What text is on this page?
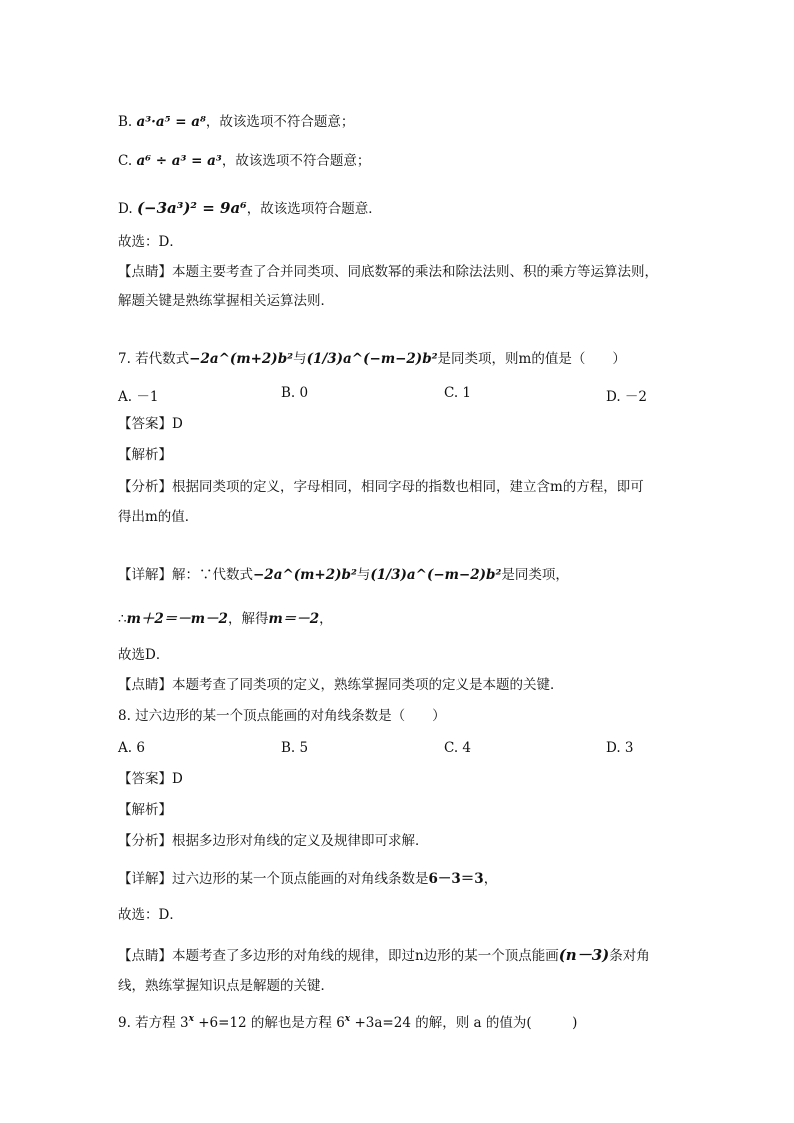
B. a³·a⁵ = a⁸，故该选项不符合题意；
C. a⁶ ÷ a³ = a³，故该选项不符合题意；
D. (−3a³)² = 9a⁶，故该选项符合题意．
故选：D．
【点睛】本题主要考查了合并同类项、同底数幂的乘法和除法法则、积的乘方等运算法则，
解题关键是熟练掌握相关运算法则．
7. 若代数式−2a^(m+2)b²与(1/3)a^(−m−2)b²是同类项，则m的值是（　　）
A. －1	B. 0	C. 1	D. －2
【答案】D
【解析】
【分析】根据同类项的定义，字母相同，相同字母的指数也相同，建立含m的方程，即可
得出m的值．
【详解】解：∵代数式−2a^(m+2)b²与(1/3)a^(−m−2)b²是同类项，
∴m＋2＝－m－2，解得m＝－2，
故选D．
【点睛】本题考查了同类项的定义，熟练掌握同类项的定义是本题的关键．
8. 过六边形的某一个顶点能画的对角线条数是（　　）
A. 6	B. 5	C. 4	D. 3
【答案】D
【解析】
【分析】根据多边形对角线的定义及规律即可求解．
【详解】过六边形的某一个顶点能画的对角线条数是6－3＝3，
故选：D．
【点睛】本题考查了多边形的对角线的规律，即过n边形的某一个顶点能画(n－3)条对角
线，熟练掌握知识点是解题的关键．
9. 若方程 $3^x +6=12$ 的解也是方程 $6^x +3a=24$ 的解，则 a 的值为(　　　)
